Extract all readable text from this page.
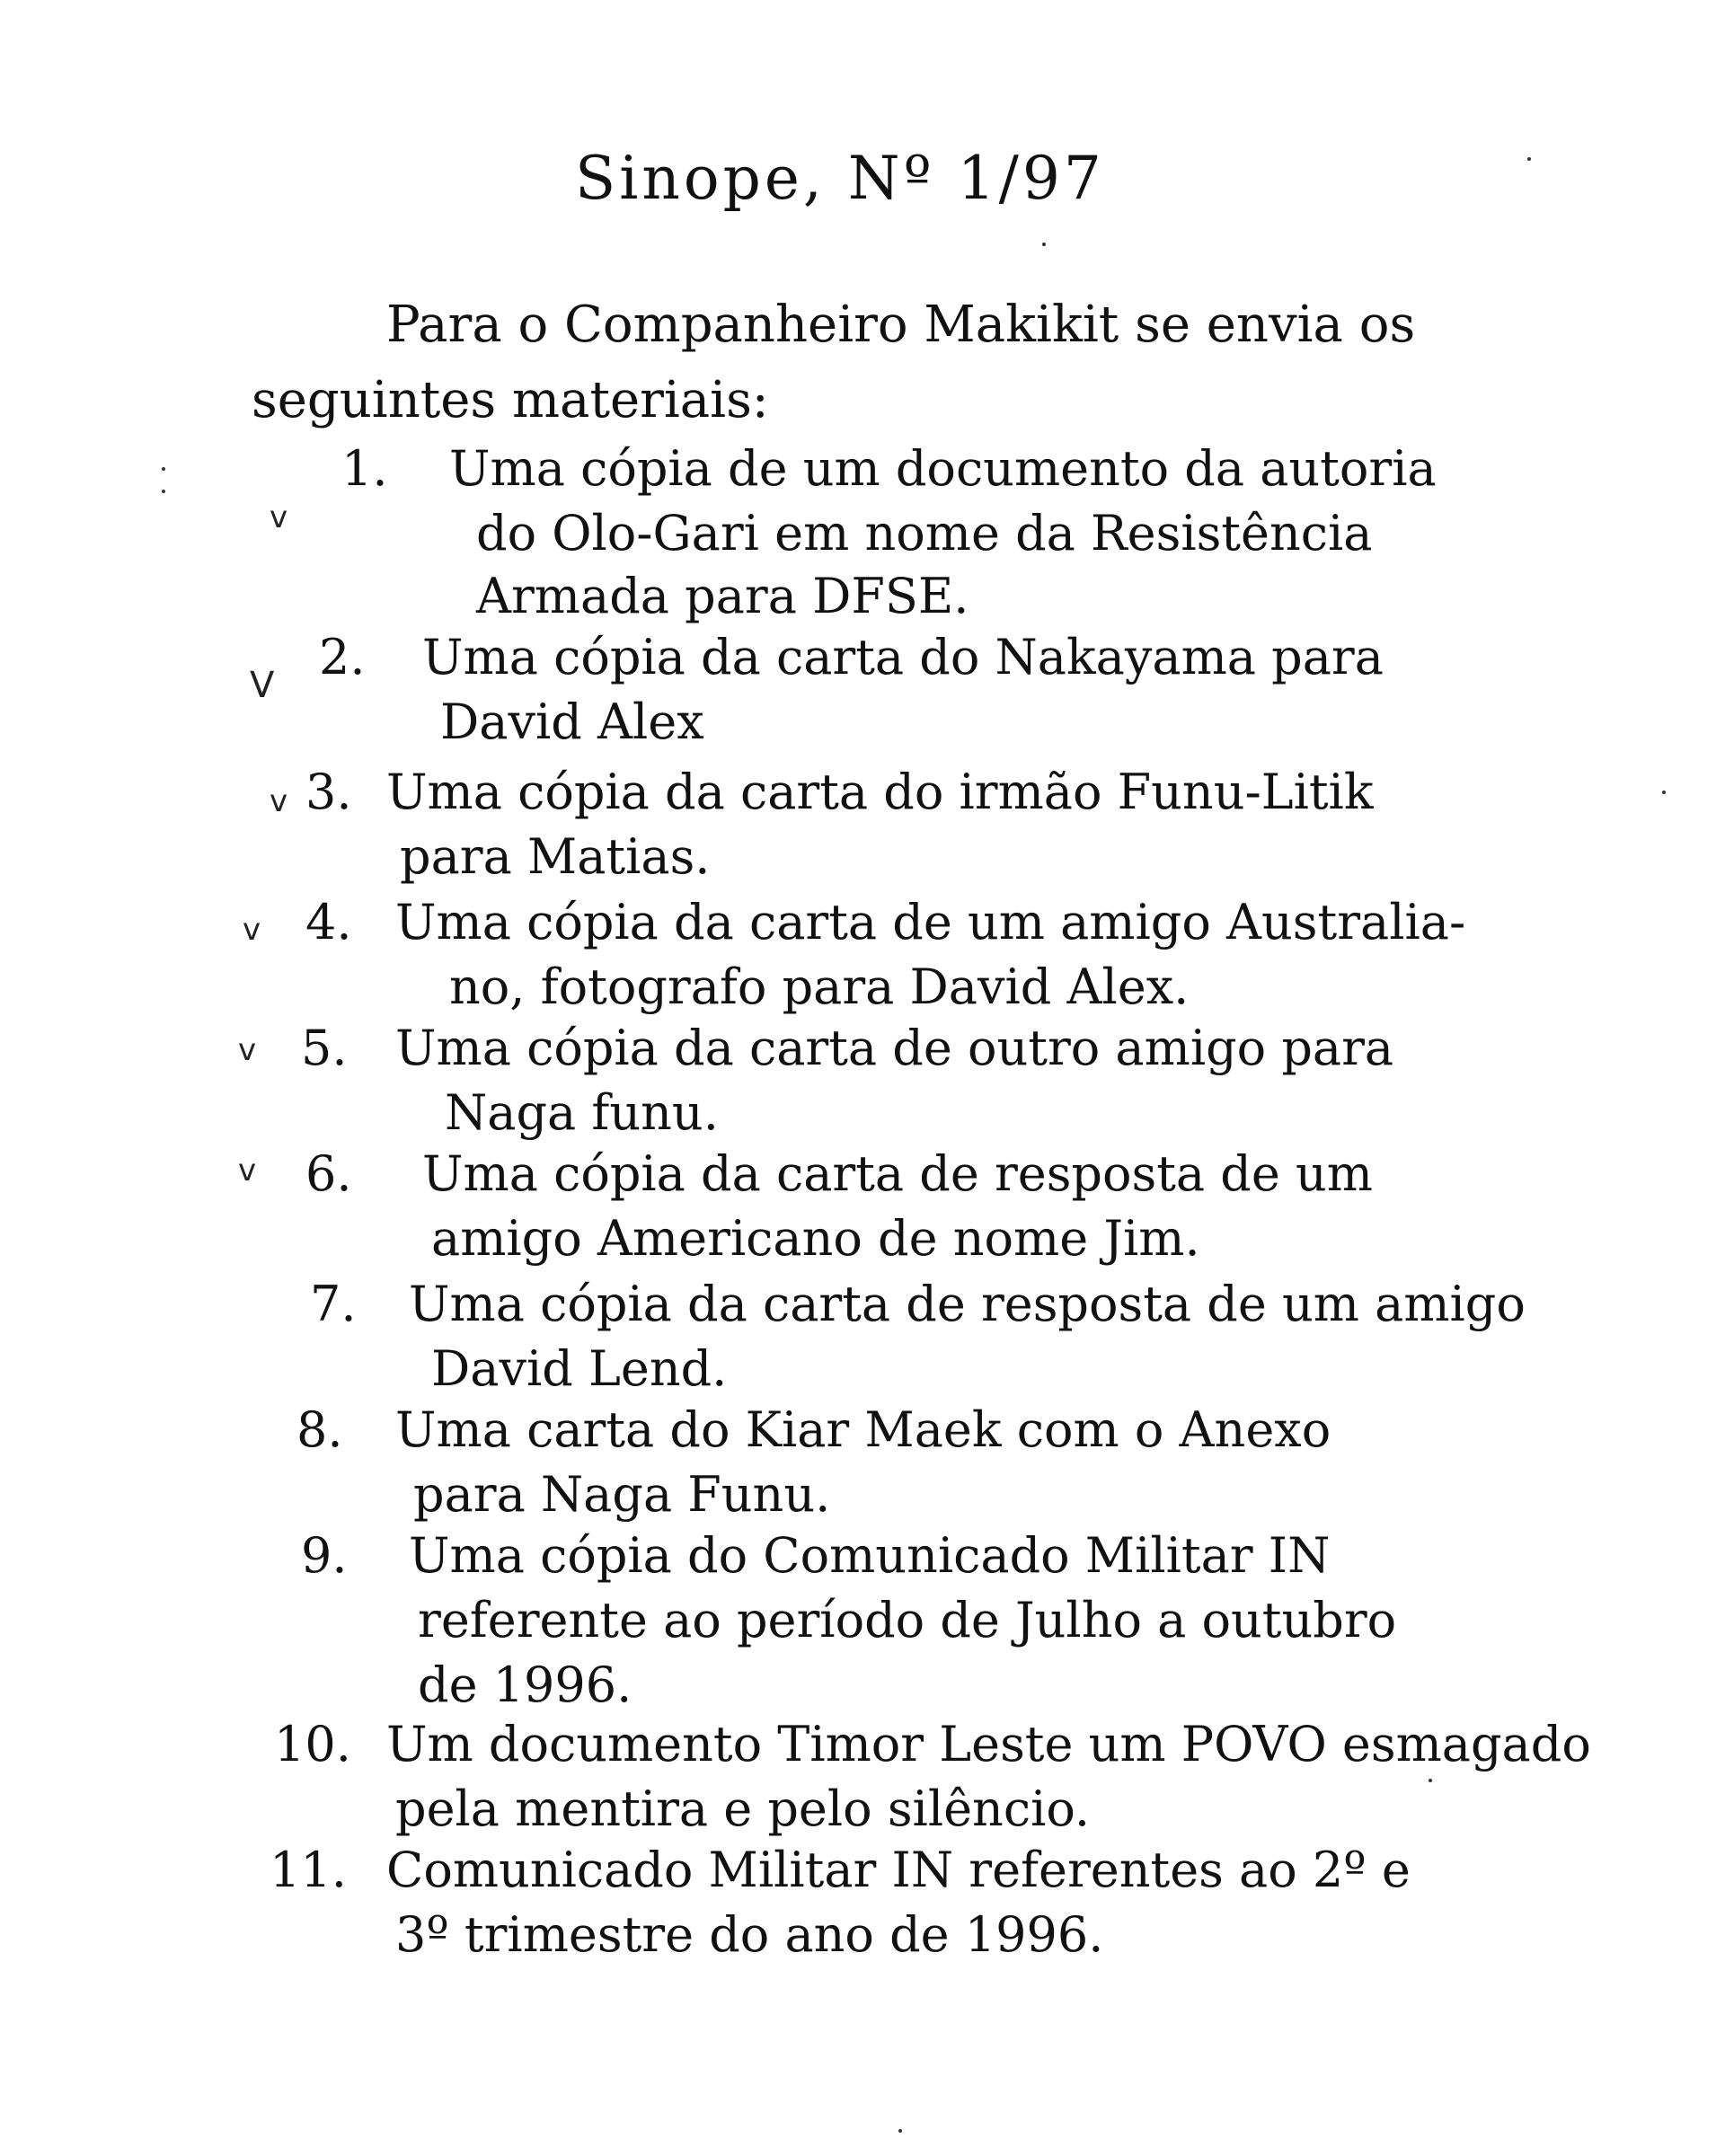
Sinope, Nº 1/97
Para o Companheiro Makikit se envia os
seguintes materiais:
v
1. Uma cópia de um documento da autoria
do Olo-Gari em nome da Resistência
Armada para DFSE.
V 2. Uma cópia da carta do Nakayama para
David Alex
v 3. Uma cópia da carta do irmão Funu-Litik
para Matias.
v 4. Uma cópia da carta de um amigo Australia-
no, fotografo para David Alex.
v 5. Uma cópia da carta de outro amigo para
Naga funu.
v 6. Uma cópia da carta de resposta de um
amigo Americano de nome Jim.
7. Uma cópia da carta de resposta de um amigo
David Lend.
8. Uma carta do Kiar Maek com o Anexo
para Naga Funu.
9. Uma cópia do Comunicado Militar IN
referente ao período de Julho a outubro
de 1996.
10. Um documento Timor Leste um POVO esmagado
pela mentira e pelo silêncio.
11. Comunicado Militar IN referentes ao 2º e
3º trimestre do ano de 1996.
